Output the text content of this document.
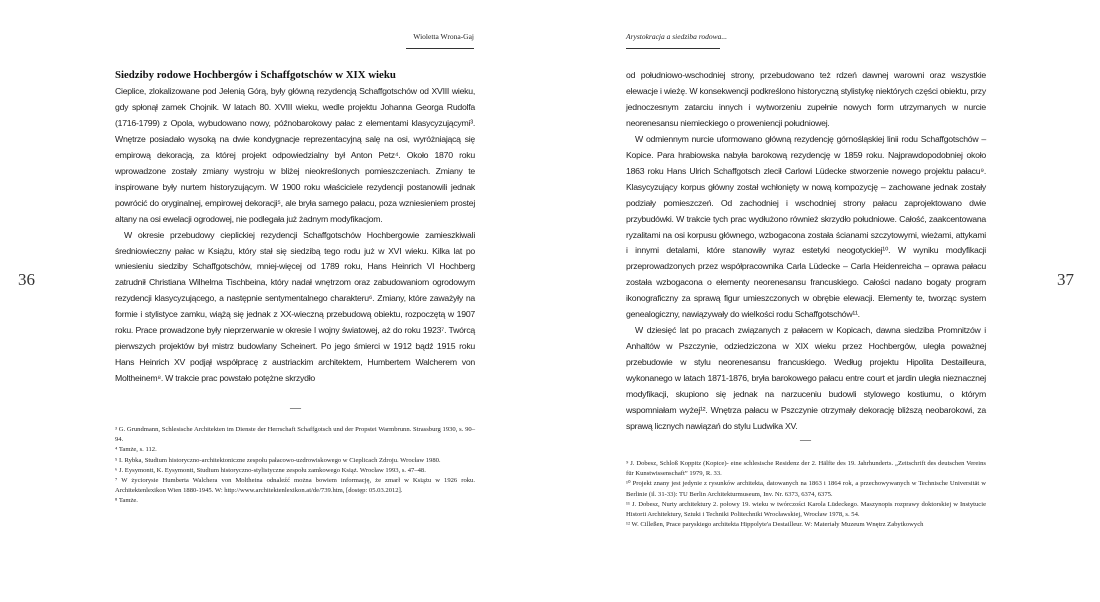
36
Wioletta Wrona-Gaj
Siedziby rodowe Hochbergów i Schaffgotschów w XIX wieku

Cieplice, zlokalizowane pod Jelenią Górą, były główną rezydencją Schaffgotschów od XVIII wieku, gdy spłonął zamek Chojnik. W latach 80. XVIII wieku, wedle projektu Johanna Georga Rudolfa (1716-1799) z Opola, wybudowano nowy, późnobarokowy pałac z elementami klasycyzującymi³. Wnętrze posiadało wysoką na dwie kondygnacje reprezentacyjną salę na osi, wyróżniającą się empirową dekoracją, za której projekt odpowiedzialny był Anton Petz⁴. Około 1870 roku wprowadzone zostały zmiany wystroju w bliżej nieokreślonych pomieszczeniach. Zmiany te inspirowane były nurtem historyzującym. W 1900 roku właściciele rezydencji postanowili jednak powrócić do oryginalnej, empirowej dekoracji⁵, ale bryła samego pałacu, poza wzniesieniem prostej altany na osi ewelacji ogrodowej, nie podlegała już żadnym modyfikacjom.

W okresie przebudowy cieplickiej rezydencji Schaffgotschów Hochbergowie zamieszkiwali średniowieczny pałac w Książu, który stał się siedzibą tego rodu już w XVI wieku. Kilka lat po wniesieniu siedziby Schaffgotschów, mniej-więcej od 1789 roku, Hans Heinrich VI Hochberg zatrudnił Christiana Wilhelma Tischbeina, który nadał wnętrzom oraz zabudowaniom ogrodowym rezydencji klasycyzującego, a następnie sentymentalnego charakteru⁶. Zmiany, które zaważyły na formie i stylistyce zamku, wiążą się jednak z XX-wieczną przebudową obiektu, rozpoczętą w 1907 roku. Prace prowadzone były nieprzerwanie w okresie I wojny światowej, aż do roku 1923⁷. Twórcą pierwszych projektów był mistrz budowlany Scheinert. Po jego śmierci w 1912 bądź 1915 roku Hans Heinrich XV podjął współpracę z austriackim architektem, Humbertem Walcherem von Moltheinem⁸. W trakcie prac powstało potężne skrzydło

—

³ G. Grundmann, Schlesische Architekten im Dienste der Herrschaft Schaffgotsch und der Propstei Warmbrunn. Strassburg 1930, s. 90–94.

⁴ Tamże, s. 112.

⁵ I. Rybka, Studium historyczno-architektoniczne zespołu pałacowo-uzdrowiskowego w Cieplicach Zdroju. Wrocław 1980.

⁶ J. Eysymontt, K. Eysymontt, Studium historyczno-stylistyczne zespołu zamkowego Książ. Wrocław 1993, s. 47–48.

⁷ W życiorysie Humberta Walchera von Moltheina odnaleźć można bowiem informację, że zmarł w Książu w 1926 roku. Architektenlexikon Wien 1880-1945. W: http://www.architektenlexikon.at/de/739.htm, [dostęp: 05.03.2012].

⁸ Tamże.

37
Arystokracja a siedziba rodowa...

od południowo-wschodniej strony, przebudowano też rdzeń dawnej warowni oraz wszystkie elewacje i wieżę. W konsekwencji podkreślono historyczną stylistykę niektórych części obiektu, przy jednoczesnym zatarciu innych i wytworzeniu zupełnie nowych form utrzymanych w nurcie neorenesansu niemieckiego o proweniencji południowej.

W odmiennym nurcie uformowano główną rezydencję górnośląskiej linii rodu Schaffgotschów – Kopice. Para hrabiowska nabyła barokową rezydencję w 1859 roku. Najprawdopodobniej około 1863 roku Hans Ulrich Schaffgotsch zlecił Carlowi Lüdecke stworzenie nowego projektu pałacu⁹. Klasycyzujący korpus główny został wchłonięty w nową kompozycję – zachowane jednak zostały podziały pomieszczeń. Od zachodniej i wschodniej strony pałacu zaprojektowano dwie przybudówki. W trakcie tych prac wydłużono również skrzydło południowe. Całość, zaakcentowana ryzalitami na osi korpusu głównego, wzbogacona została ścianami szczytowymi, wieżami, attykami i innymi detalami, które stanowiły wyraz estetyki neogotyckiej¹⁰. W wyniku modyfikacji przeprowadzonych przez współpracownika Carla Lüdecke – Carla Heidenreicha – oprawa pałacu została wzbogacona o elementy neorenesansu francuskiego. Całości nadano bogaty program ikonograficzny za sprawą figur umieszczonych w obrębie elewacji. Elementy te, tworząc system genealogiczny, nawiązywały do wielkości rodu Schaffgotschów¹¹.

W dziesięć lat po pracach związanych z pałacem w Kopicach, dawna siedziba Promnitzów i Anhaltów w Pszczynie, odziedziczona w XIX wieku przez Hochbergów, uległa poważnej przebudowie w stylu neorenesansu francuskiego. Według projektu Hipolita Destailleura, wykonanego w latach 1871-1876, bryła barokowego pałacu entre court et jardin uległa nieznacznej modyfikacji, skupiono się jednak na narzuceniu budowli stylowego kostiumu, o którym wspomniałam wyżej¹². Wnętrza pałacu w Pszczynie otrzymały dekorację bliższą neobarokowi, za sprawą licznych nawiązań do stylu Ludwika XV.

—

⁹ J. Dobesz, Schloß Koppitz (Kopice)- eine schlesische Residenz der 2. Hälfte des 19. Jahrhunderts. „Zeitschrift des deutschen Vereins für Kunstwissenschaft” 1979, R. 33.

¹⁰ Projekt znany jest jedynie z rysunków architekta, datowanych na 1863 i 1864 rok, a przechowywanych w Technische Universität w Berlinie (il. 31-33): TU Berlin Architekturmuseum, Inv. Nr. 6373, 6374, 6375.

¹¹ J. Dobesz, Nurty architektury 2. połowy 19. wieku w twórczości Karola Lüdeckego. Maszynopis rozprawy doktorskiej w Instytucie Historii Architektury, Sztuki i Techniki Politechniki Wrocławskiej, Wrocław 1978, s. 54.

¹² W. Cilleßen, Prace paryskiego architekta Hippolyte'a Destailleur. W: Materiały Muzeum Wnętrz Zabytkowych
